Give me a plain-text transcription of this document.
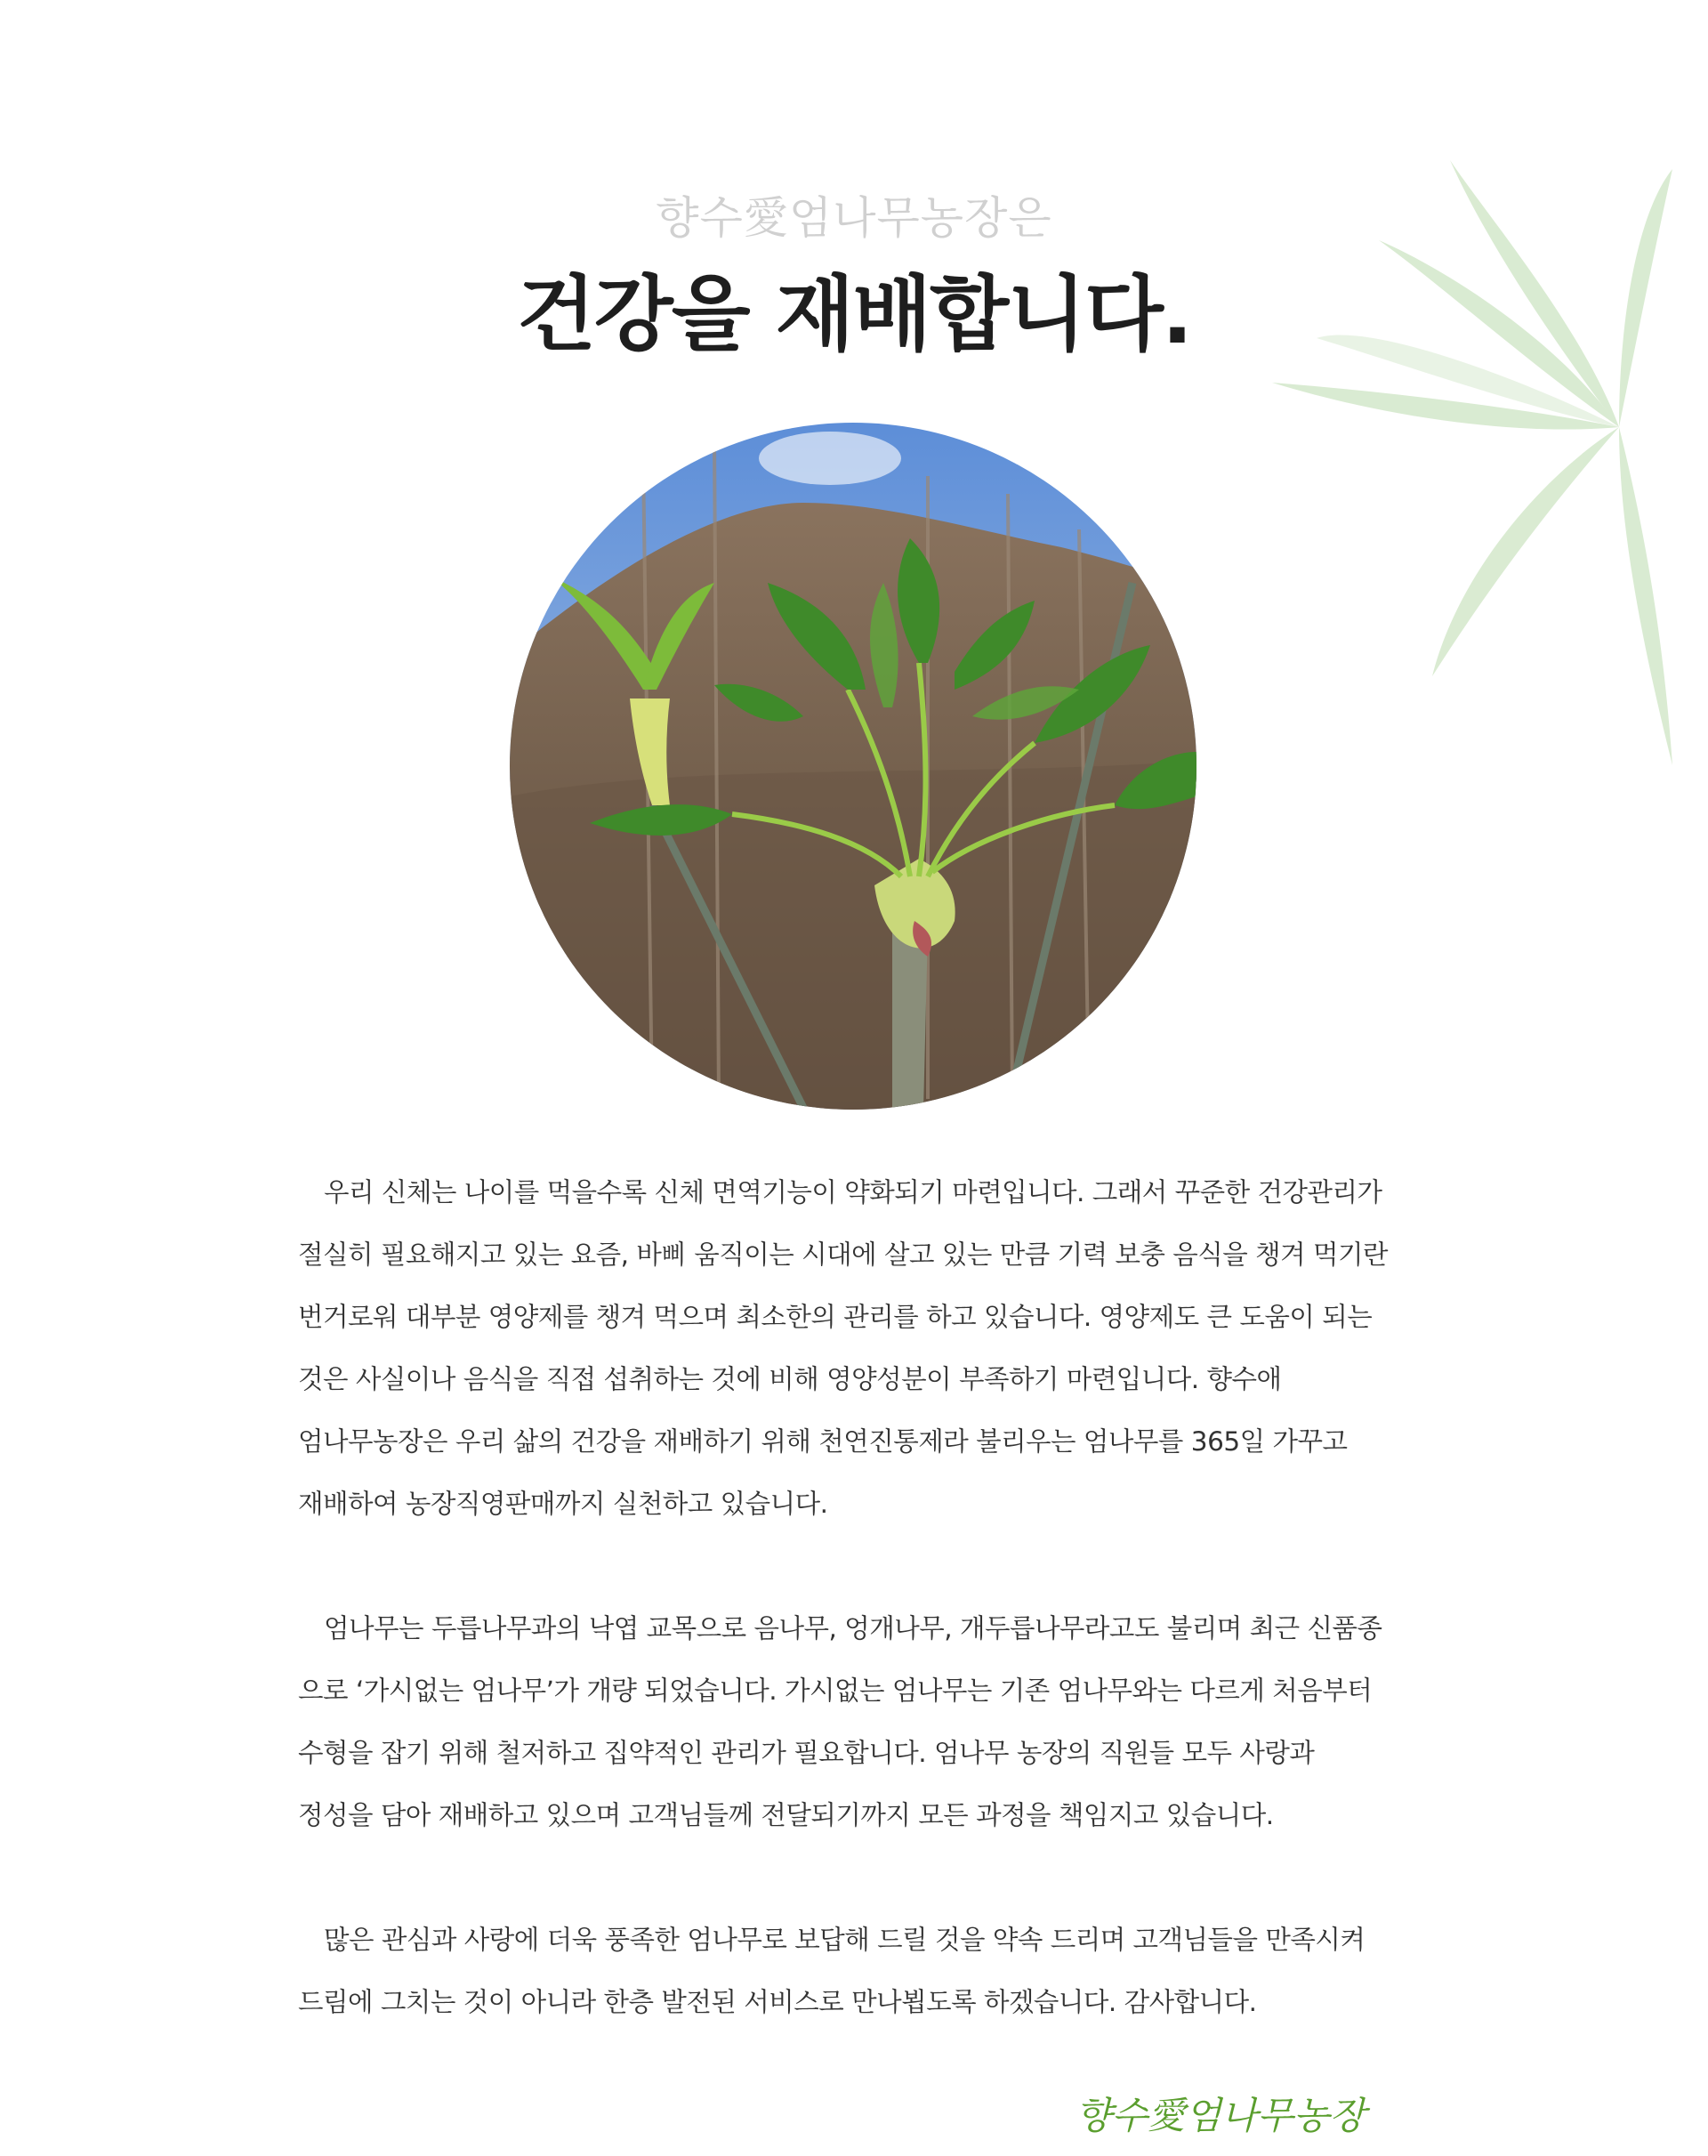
향수愛엄나무농장은
건강을 재배합니다.

　우리 신체는 나이를 먹을수록 신체 면역기능이 약화되기 마련입니다. 그래서 꾸준한 건강관리가
절실히 필요해지고 있는 요즘, 바삐 움직이는 시대에 살고 있는 만큼 기력 보충 음식을 챙겨 먹기란
번거로워 대부분 영양제를 챙겨 먹으며 최소한의 관리를 하고 있습니다. 영양제도 큰 도움이 되는
것은 사실이나 음식을 직접 섭취하는 것에 비해 영양성분이 부족하기 마련입니다. 향수애
엄나무농장은 우리 삶의 건강을 재배하기 위해 천연진통제라 불리우는 엄나무를 365일 가꾸고
재배하여 농장직영판매까지 실천하고 있습니다.

　엄나무는 두릅나무과의 낙엽 교목으로 음나무, 엉개나무, 개두릅나무라고도 불리며 최근 신품종
으로 ‘가시없는 엄나무’가 개량 되었습니다. 가시없는 엄나무는 기존 엄나무와는 다르게 처음부터
수형을 잡기 위해 철저하고 집약적인 관리가 필요합니다. 엄나무 농장의 직원들 모두 사랑과
정성을 담아 재배하고 있으며 고객님들께 전달되기까지 모든 과정을 책임지고 있습니다.

　많은 관심과 사랑에 더욱 풍족한 엄나무로 보답해 드릴 것을 약속 드리며 고객님들을 만족시켜
드림에 그치는 것이 아니라 한층 발전된 서비스로 만나뵙도록 하겠습니다. 감사합니다.

향수愛엄나무농장
